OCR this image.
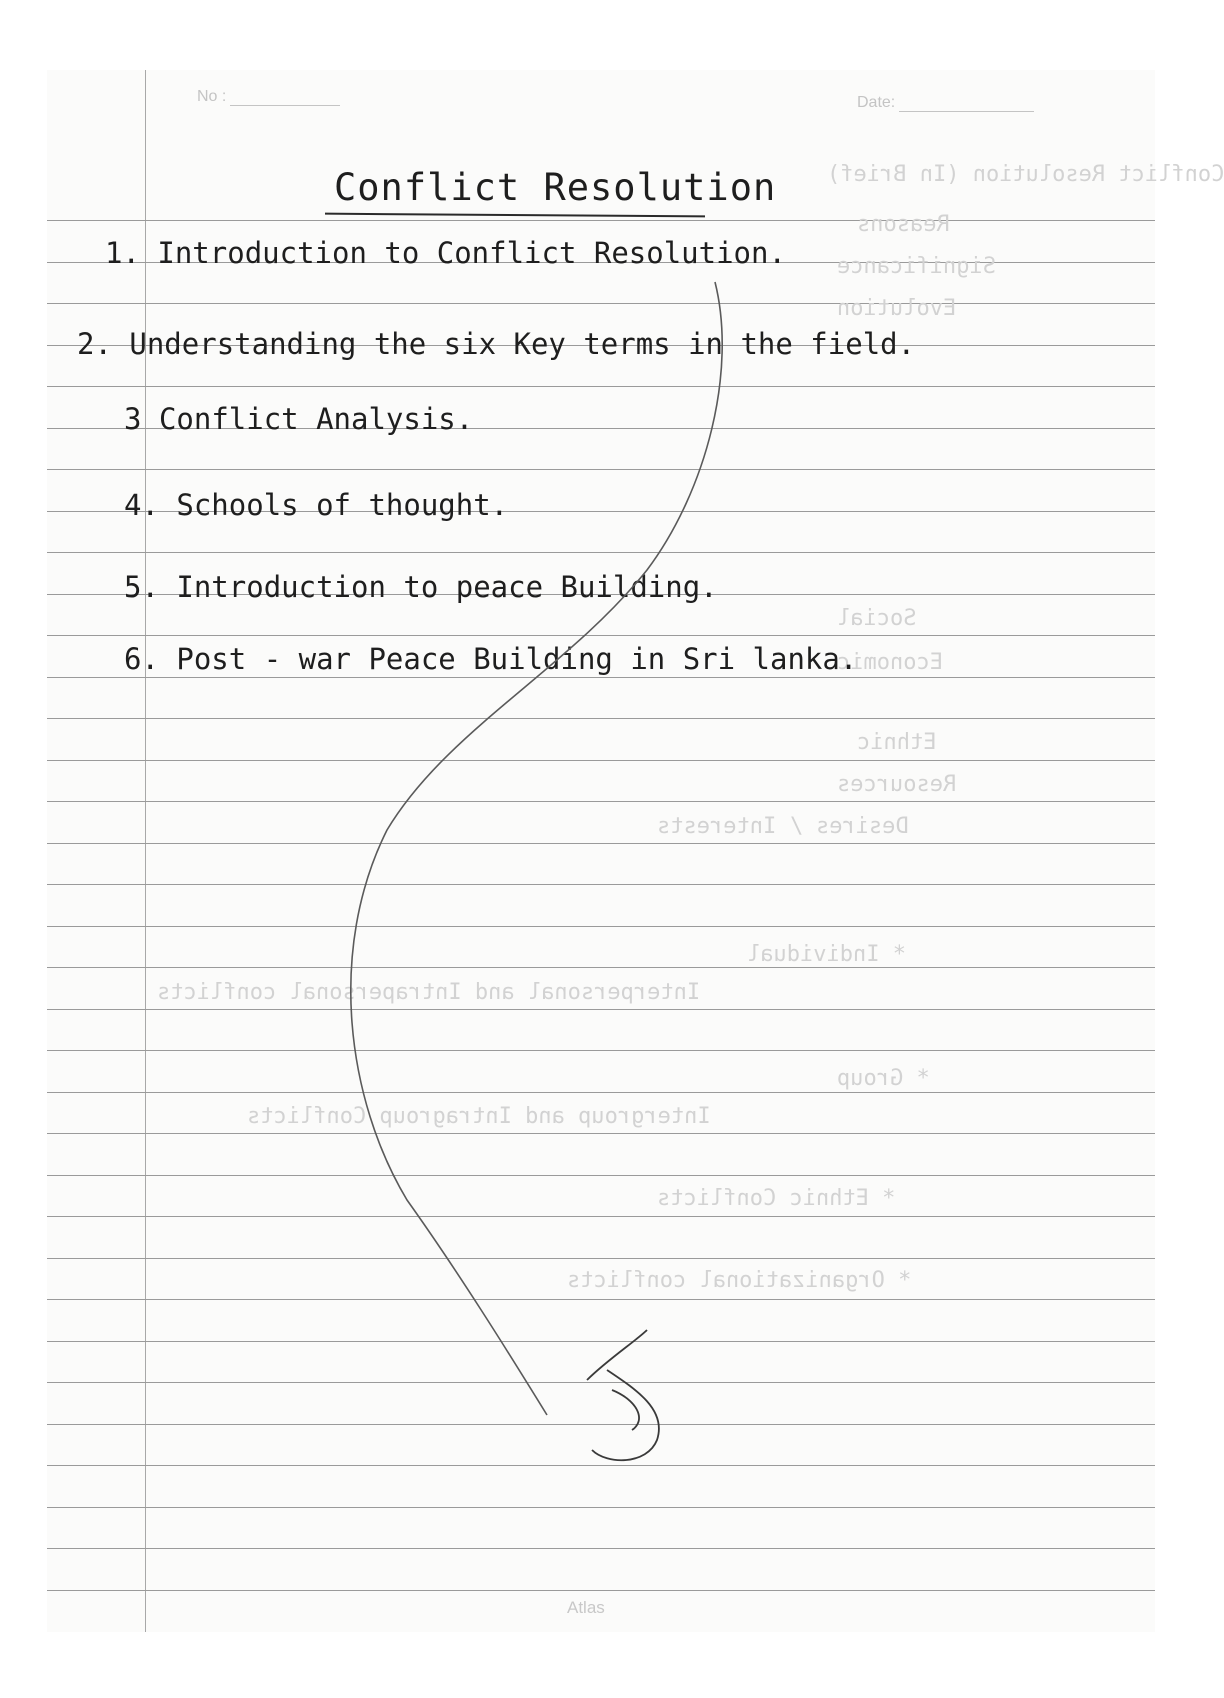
No :	Date:
Conflict Resolution (In Brief)
Reasons
Significance
Evolution
Social
Economic
Ethnic
Resources
Desires / Interests
* Individual
Interpersonal and Intrapersonal conflicts
* Group
Intergroup and Intragroup Conflicts
* Ethnic Conflicts
* Organizational conflicts
Conflict Resolution
1. Introduction to Conflict Resolution.
2. Understanding the six Key terms in the field.
3 Conflict Analysis.
4. Schools of thought.
5. Introduction to peace Building.
6. Post - war Peace Building in Sri lanka.
Atlas
